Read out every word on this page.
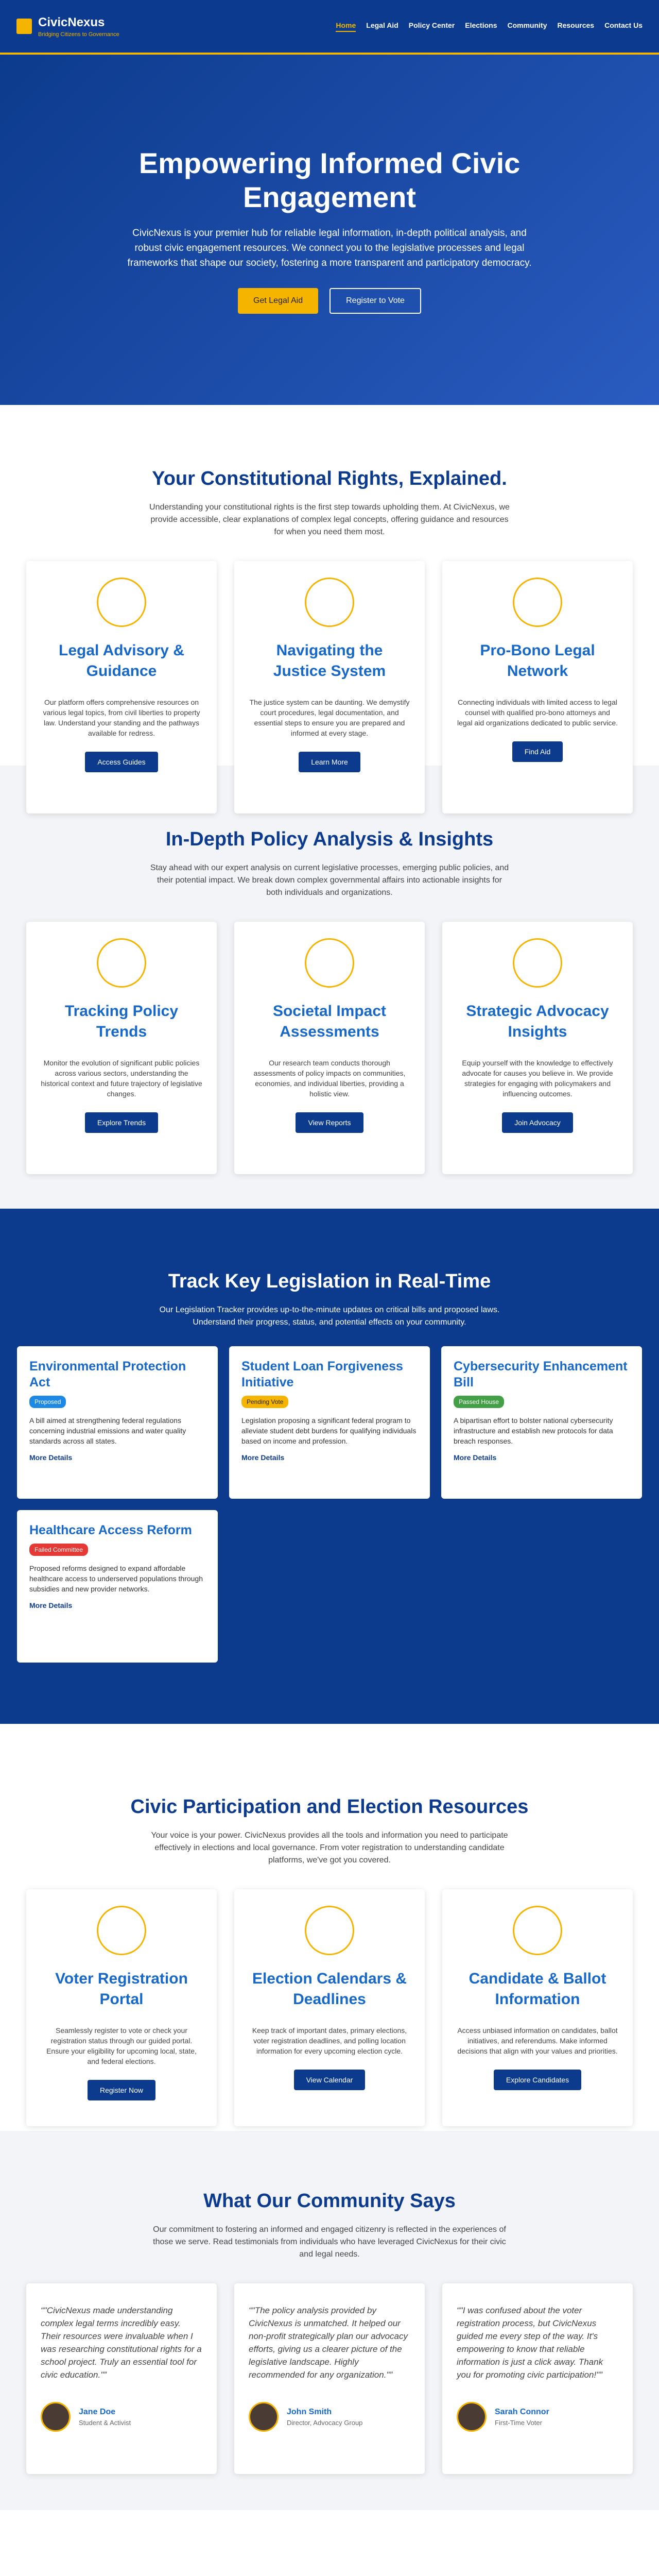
CivicNexus
Bridging Citizens to Governance
Home Legal Aid Policy Center Elections Community Resources Contact Us
Empowering Informed Civic Engagement

CivicNexus is your premier hub for reliable legal information, in-depth political analysis, and robust civic engagement resources. We connect you to the legislative processes and legal frameworks that shape our society, fostering a more transparent and participatory democracy.

Get Legal Aid	Register to Vote
Your Constitutional Rights, Explained.

Understanding your constitutional rights is the first step towards upholding them. At CivicNexus, we provide accessible, clear explanations of complex legal concepts, offering guidance and resources for when you need them most.

Legal Advisory & Guidance

Our platform offers comprehensive resources on various legal topics, from civil liberties to property law. Understand your standing and the pathways available for redress.

Access Guides
Navigating the Justice System

The justice system can be daunting. We demystify court procedures, legal documentation, and essential steps to ensure you are prepared and informed at every stage.

Learn More
Pro-Bono Legal Network

Connecting individuals with limited access to legal counsel with qualified pro-bono attorneys and legal aid organizations dedicated to public service.

Find Aid
In-Depth Policy Analysis & Insights

Stay ahead with our expert analysis on current legislative processes, emerging public policies, and their potential impact. We break down complex governmental affairs into actionable insights for both individuals and organizations.

Tracking Policy Trends

Monitor the evolution of significant public policies across various sectors, understanding the historical context and future trajectory of legislative changes.

Explore Trends
Societal Impact Assessments

Our research team conducts thorough assessments of policy impacts on communities, economies, and individual liberties, providing a holistic view.

View Reports
Strategic Advocacy Insights

Equip yourself with the knowledge to effectively advocate for causes you believe in. We provide strategies for engaging with policymakers and influencing outcomes.

Join Advocacy
Track Key Legislation in Real-Time

Our Legislation Tracker provides up-to-the-minute updates on critical bills and proposed laws. Understand their progress, status, and potential effects on your community.

Environmental Protection Act
Proposed

A bill aimed at strengthening federal regulations concerning industrial emissions and water quality standards across all states.

More Details
Student Loan Forgiveness Initiative
Pending Vote

Legislation proposing a significant federal program to alleviate student debt burdens for qualifying individuals based on income and profession.

More Details
Cybersecurity Enhancement Bill
Passed House

A bipartisan effort to bolster national cybersecurity infrastructure and establish new protocols for data breach responses.

More Details
Healthcare Access Reform
Failed Committee

Proposed reforms designed to expand affordable healthcare access to underserved populations through subsidies and new provider networks.

More Details
Civic Participation and Election Resources

Your voice is your power. CivicNexus provides all the tools and information you need to participate effectively in elections and local governance. From voter registration to understanding candidate platforms, we've got you covered.

Voter Registration Portal

Seamlessly register to vote or check your registration status through our guided portal. Ensure your eligibility for upcoming local, state, and federal elections.

Register Now
Election Calendars & Deadlines

Keep track of important dates, primary elections, voter registration deadlines, and polling location information for every upcoming election cycle.

View Calendar
Candidate & Ballot Information

Access unbiased information on candidates, ballot initiatives, and referendums. Make informed decisions that align with your values and priorities.

Explore Candidates
What Our Community Says

Our commitment to fostering an informed and engaged citizenry is reflected in the experiences of those we serve. Read testimonials from individuals who have leveraged CivicNexus for their civic and legal needs.

"CivicNexus made understanding complex legal terms incredibly easy. Their resources were invaluable when I was researching constitutional rights for a school project. Truly an essential tool for civic education."
Jane Doe
Student & Activist
"The policy analysis provided by CivicNexus is unmatched. It helped our non-profit strategically plan our advocacy efforts, giving us a clearer picture of the legislative landscape. Highly recommended for any organization."
John Smith
Director, Advocacy Group
"I was confused about the voter registration process, but CivicNexus guided me every step of the way. It's empowering to know that reliable information is just a click away. Thank you for promoting civic participation!"
Sarah Connor
First-Time Voter
